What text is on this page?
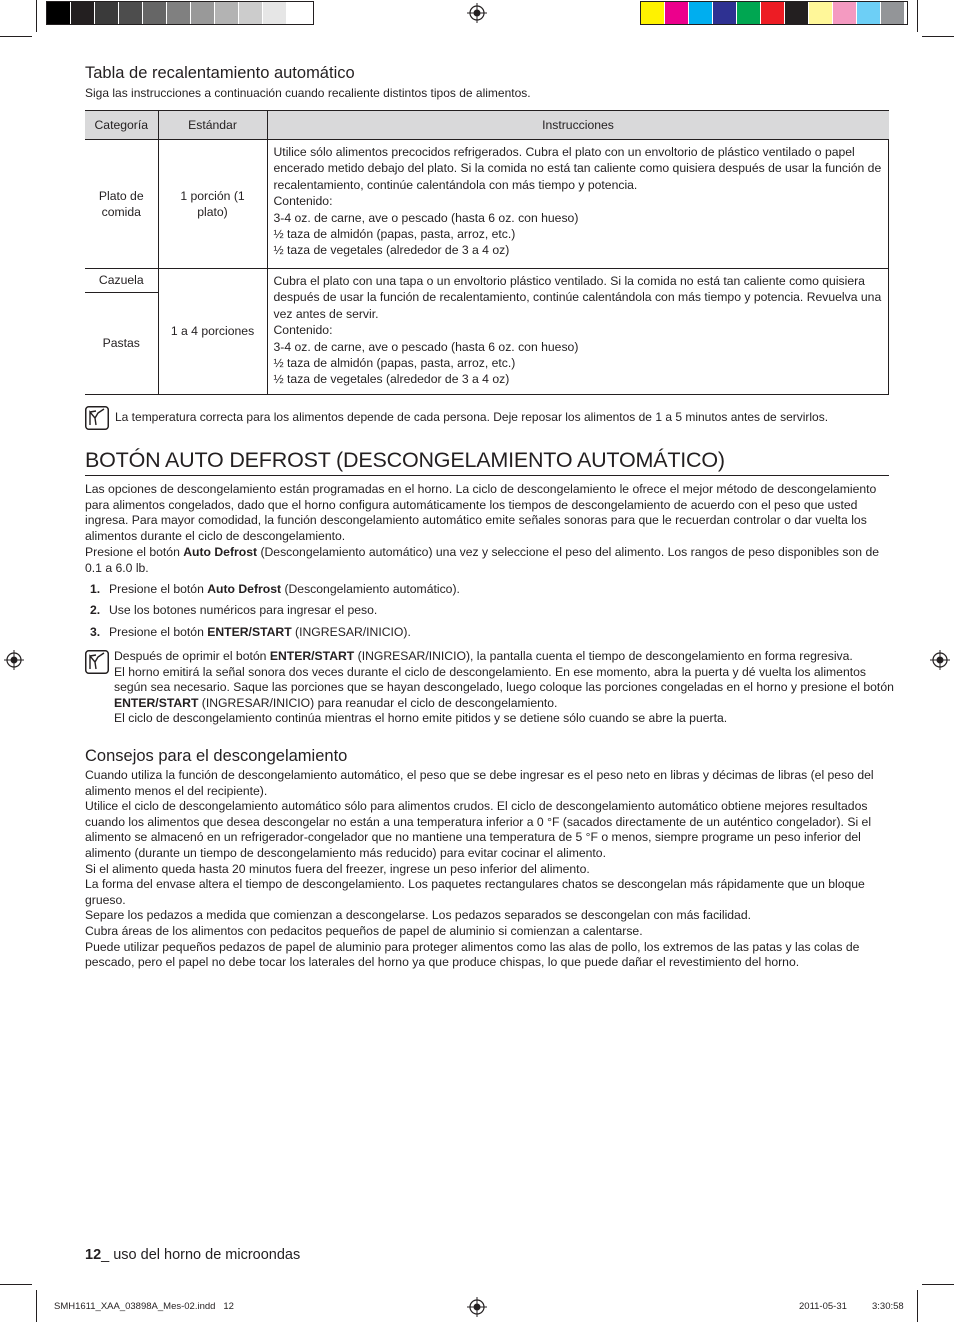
Tabla de recalentamiento automático
Siga las instrucciones a continuación cuando recaliente distintos tipos de alimentos.
Categoría	Estándar	Instrucciones
Plato de comida	1 porción (1 plato)	Utilice sólo alimentos precocidos refrigerados. Cubra el plato con un envoltorio de plástico ventilado o papel encerado metido debajo del plato. Si la comida no está tan caliente como quisiera después de usar la función de recalentamiento, continúe calentándola con más tiempo y potencia.
Contenido:
3-4 oz. de carne, ave o pescado (hasta 6 oz. con hueso)
½ taza de almidón (papas, pasta, arroz, etc.)
½ taza de vegetales (alrededor de 3 a 4 oz)

Cazuela	1 a 4 porciones	Cubra el plato con una tapa o un envoltorio plástico ventilado. Si la comida no está tan caliente como quisiera después de usar la función de recalentamiento, continúe calentándola con más tiempo y potencia. Revuelva una vez antes de servir.
Contenido:
3-4 oz. de carne, ave o pescado (hasta 6 oz. con hueso)
½ taza de almidón (papas, pasta, arroz, etc.)
½ taza de vegetales (alrededor de 3 a 4 oz)

Pastas		
La temperatura correcta para los alimentos depende de cada persona. Deje reposar los alimentos de 1 a 5 minutos antes de servirlos.
BOTÓN AUTO DEFROST (DESCONGELAMIENTO AUTOMÁTICO)
Las opciones de descongelamiento están programadas en el horno. La ciclo de descongelamiento le ofrece el mejor método de descongelamiento para alimentos congelados, dado que el horno configura automáticamente los tiempos de descongelamiento de acuerdo con el peso que usted ingresa. Para mayor comodidad, la función descongelamiento automático emite señales sonoras para que le recuerdan controlar o dar vuelta los alimentos durante el ciclo de descongelamiento.
Presione el botón Auto Defrost (Descongelamiento automático) una vez y seleccione el peso del alimento. Los rangos de peso disponibles son de 0.1 a 6.0 lb.
1. Presione el botón Auto Defrost (Descongelamiento automático).
2. Use los botones numéricos para ingresar el peso.
3. Presione el botón ENTER/START (INGRESAR/INICIO).
Después de oprimir el botón ENTER/START (INGRESAR/INICIO), la pantalla cuenta el tiempo de descongelamiento en forma regresiva.
El horno emitirá la señal sonora dos veces durante el ciclo de descongelamiento. En ese momento, abra la puerta y dé vuelta los alimentos según sea necesario. Saque las porciones que se hayan descongelado, luego coloque las porciones congeladas en el horno y presione el botón ENTER/START (INGRESAR/INICIO) para reanudar el ciclo de descongelamiento.
El ciclo de descongelamiento continúa mientras el horno emite pitidos y se detiene sólo cuando se abre la puerta.
Consejos para el descongelamiento
Cuando utiliza la función de descongelamiento automático, el peso que se debe ingresar es el peso neto en libras y décimas de libras (el peso del alimento menos el del recipiente).
Utilice el ciclo de descongelamiento automático sólo para alimentos crudos. El ciclo de descongelamiento automático obtiene mejores resultados cuando los alimentos que desea descongelar no están a una temperatura inferior a 0 °F (sacados directamente de un auténtico congelador). Si el alimento se almacenó en un refrigerador-congelador que no mantiene una temperatura de 5 °F o menos, siempre programe un peso inferior del alimento (durante un tiempo de descongelamiento más reducido) para evitar cocinar el alimento.
Si el alimento queda hasta 20 minutos fuera del freezer, ingrese un peso inferior del alimento.
La forma del envase altera el tiempo de descongelamiento. Los paquetes rectangulares chatos se descongelan más rápidamente que un bloque grueso.
Separe los pedazos a medida que comienzan a descongelarse. Los pedazos separados se descongelan con más facilidad.
Cubra áreas de los alimentos con pedacitos pequeños de papel de aluminio si comienzan a calentarse.
Puede utilizar pequeños pedazos de papel de aluminio para proteger alimentos como las alas de pollo, los extremos de las patas y las colas de pescado, pero el papel no debe tocar los laterales del horno ya que produce chispas, lo que puede dañar el revestimiento del horno.
12_ uso del horno de microondas
SMH1611_XAA_03898A_Mes-02.indd   12	2011-05-31	3:30:58
